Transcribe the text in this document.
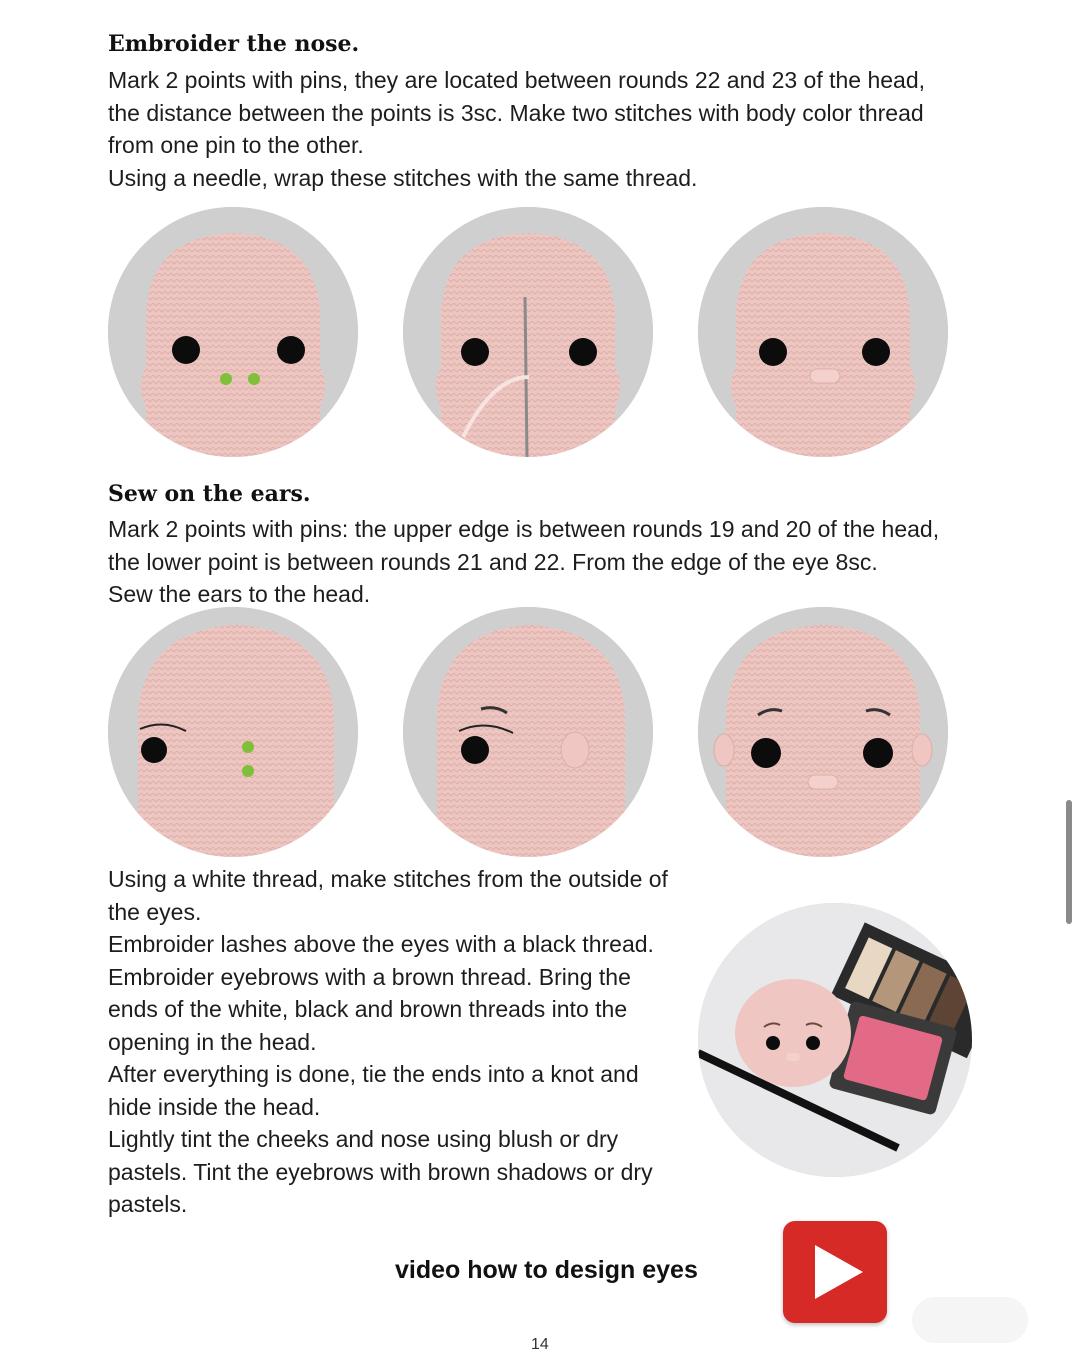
Embroider the nose.
Mark 2 points with pins, they are located between rounds 22 and 23 of the head,
the distance between the points is 3sc. Make two stitches with body color thread
from one pin to the other.
Using a needle, wrap these stitches with the same thread.
Sew on the ears.
Mark 2 points with pins: the upper edge is between rounds 19 and 20 of the head,
the lower point is between rounds 21 and 22. From the edge of the eye 8sc.
Sew the ears to the head.
Using a white thread, make stitches from the outside of
the eyes.
Embroider lashes above the eyes with a black thread.
Embroider eyebrows with a brown thread. Bring the
ends of the white, black and brown threads into the
opening in the head.
After everything is done, tie the ends into a knot and
hide inside the head.
Lightly tint the cheeks and nose using blush or dry
pastels. Tint the eyebrows with brown shadows or dry
pastels.
video how to design eyes
14
